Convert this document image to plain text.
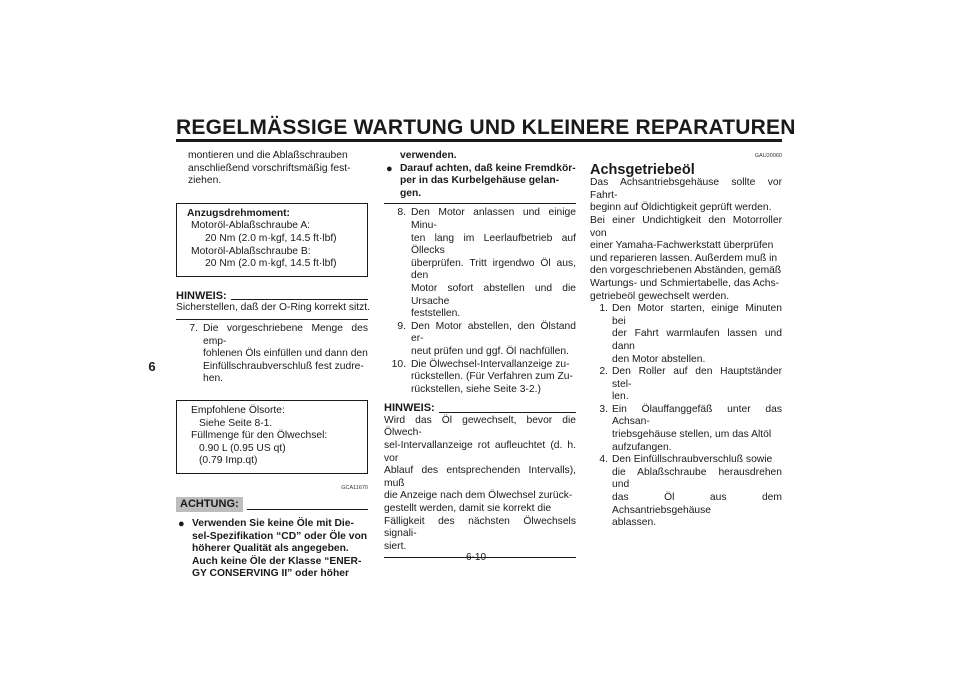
REGELMÄSSIGE WARTUNG UND KLEINERE REPARATUREN
6

montieren und die Ablaßschrauben

anschließend vorschriftsmäßig fest-

ziehen.

Anzugsdrehmoment:
Motoröl-Ablaßschraube A:
20 Nm (2.0 m·kgf, 14.5 ft·lbf)
Motoröl-Ablaßschraube B:
20 Nm (2.0 m·kgf, 14.5 ft·lbf)
HINWEIS:

Sicherstellen, daß der O-Ring korrekt sitzt.

7. Die vorgeschriebene Menge des emp-
fohlenen Öls einfüllen und dann den
Einfüllschraubverschluß fest zudre-
hen.
Empfohlene Ölsorte:
Siehe Seite 8-1.
Füllmenge für den Ölwechsel:
0.90 L (0.95 US qt)
(0.79 Imp.qt)
GCA11670
ACHTUNG:
● Verwenden Sie keine Öle mit Die-
sel-Spezifikation “CD” oder Öle von
höherer Qualität als angegeben.
Auch keine Öle der Klasse “ENER-
GY CONSERVING II” oder höher
verwenden.
● Darauf achten, daß keine Fremdkör-
per in das Kurbelgehäuse gelan-
gen.
8. Den Motor anlassen und einige Minu-
ten lang im Leerlaufbetrieb auf Öllecks
überprüfen. Tritt irgendwo Öl aus, den
Motor sofort abstellen und die Ursache
feststellen.
9. Den Motor abstellen, den Ölstand er-
neut prüfen und ggf. Öl nachfüllen.
10. Die Ölwechsel-Intervallanzeige zu-
rückstellen. (Für Verfahren zum Zu-
rückstellen, siehe Seite 3-2.)
HINWEIS:
Wird das Öl gewechselt, bevor die Ölwech-
sel-Intervallanzeige rot aufleuchtet (d. h. vor
Ablauf des entsprechenden Intervalls), muß
die Anzeige nach dem Ölwechsel zurück-
gestellt werden, damit sie korrekt die
Fälligkeit des nächsten Ölwechsels signali-
siert.
GAU20060

Achsgetriebeöl

Das Achsantriebsgehäuse sollte vor Fahrt-
beginn auf Öldichtigkeit geprüft werden.
Bei einer Undichtigkeit den Motorroller von
einer Yamaha-Fachwerkstatt überprüfen
und reparieren lassen. Außerdem muß in
den vorgeschriebenen Abständen, gemäß
Wartungs- und Schmiertabelle, das Achs-
getriebeöl gewechselt werden.
1. Den Motor starten, einige Minuten bei
der Fahrt warmlaufen lassen und dann
den Motor abstellen.
2. Den Roller auf den Hauptständer stel-
len.
3. Ein Ölauffanggefäß unter das Achsan-
triebsgehäuse stellen, um das Altöl
aufzufangen.
4. Den Einfüllschraubverschluß sowie
die Ablaßschraube herausdrehen und
das Öl aus dem Achsantriebsgehäuse
ablassen.
6-10
